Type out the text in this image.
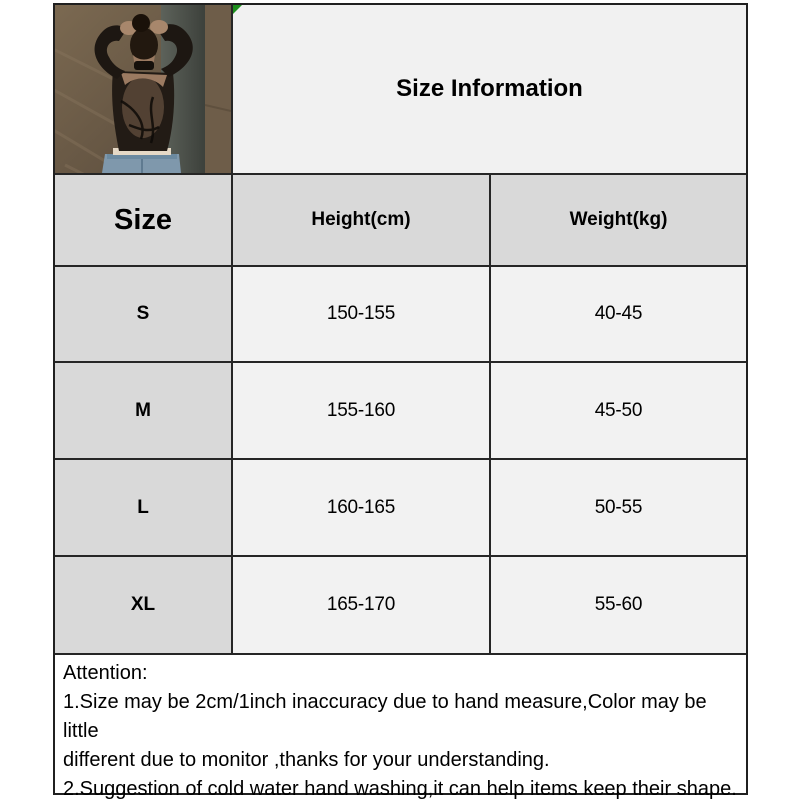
Size Information
Size	Height(cm)	Weight(kg)
S	150-155	40-45
M	155-160	45-50
L	160-165	50-55
XL	165-170	55-60
Attention:
1.Size may be 2cm/1inch inaccuracy due to hand measure,Color may be little
different due to monitor ,thanks for your understanding.
2.Suggestion of cold water hand washing,it can help items keep their shape.
